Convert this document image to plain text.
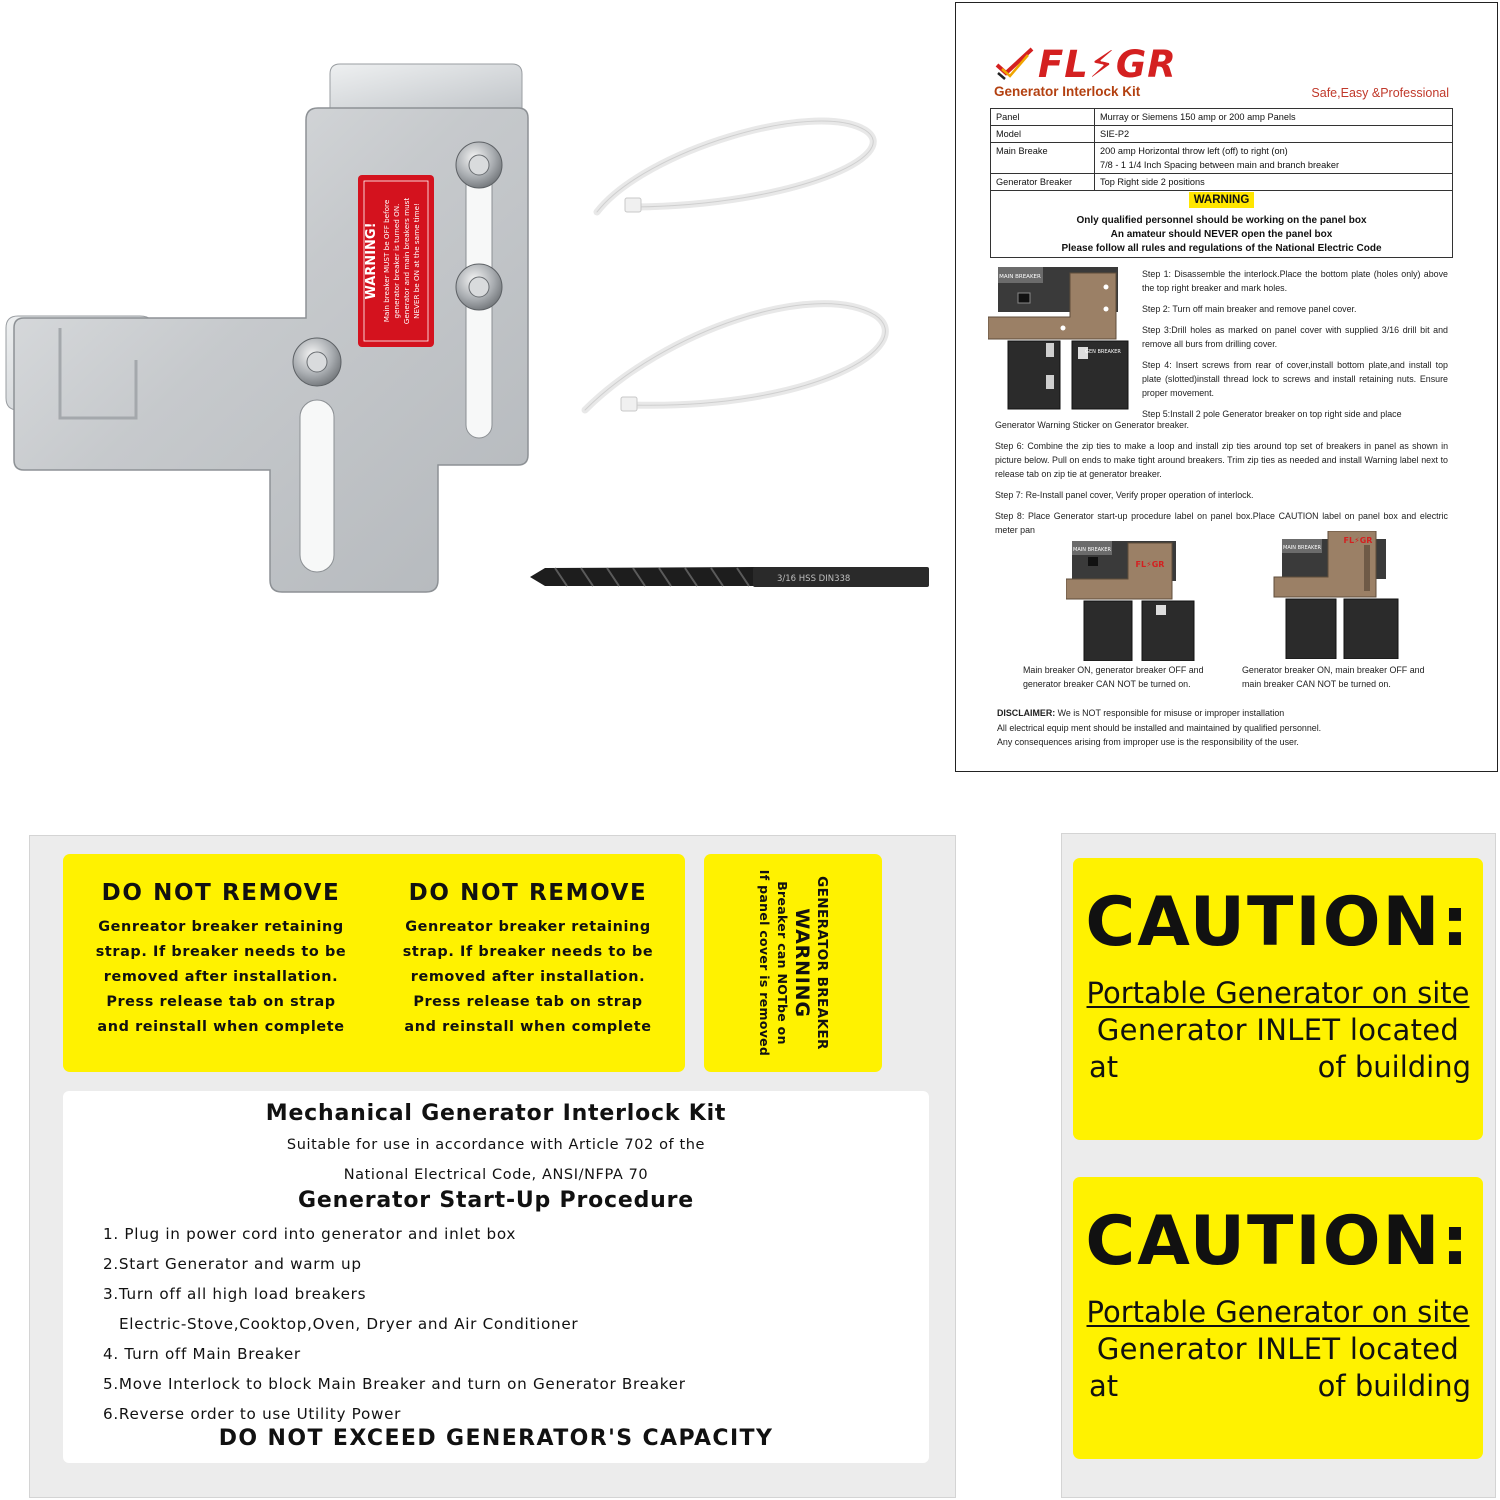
WARNING! Main breaker MUST be OFF before generator breaker is turned ON. Generator and main breakers must NEVER be ON at the same time!
3/16 HSS DIN338
FL⚡GR
Generator Interlock Kit	Safe,Easy &Professional
Panel	Murray or Siemens 150 amp or 200 amp Panels
Model	SIE-P2
Main Breake	200 amp Horizontal throw left (off) to right (on)
7/8 - 1 1/4 Inch Spacing between main and branch breaker

Generator Breaker	Top Right side 2 positions
WARNING
Only qualified personnel should be working on the panel box
An amateur should NEVER open the panel box
Please follow all rules and regulations of the National Electric Code
MAIN BREAKER
GEN BREAKER

Step 1: Disassemble the interlock.Place the bottom plate (holes only) above the top right breaker and mark holes.

Step 2: Turn off main breaker and remove panel cover.

Step 3:Drill holes as marked on panel cover with supplied 3/16 drill bit and remove all burs from drilling cover.

Step 4: Insert screws from rear of cover,install bottom plate,and install top plate (slotted)install thread lock to screws and install retaining nuts. Ensure proper movement.

Step 5:Install 2 pole Generator breaker on top right side and place

Generator Warning Sticker on Generator breaker.

Step 6: Combine the zip ties to make a loop and install zip ties around top set of breakers in panel as shown in picture below. Pull on ends to make tight around breakers. Trim zip ties as needed and install Warning label next to release tab on zip tie at generator breaker.

Step 7: Re-Install panel cover, Verify proper operation of interlock.

Step 8: Place Generator start-up procedure label on panel box.Place CAUTION label on panel box and electric meter pan

MAIN BREAKER
FL⚡GR
MAIN BREAKER
FL⚡GR
Main breaker ON, generator breaker OFF and generator breaker CAN NOT be turned on.
Generator breaker ON, main breaker OFF and main breaker CAN NOT be turned on.
DISCLAIMER: We is NOT responsible for misuse or improper installation
All electrical equip ment should be installed and maintained by qualified personnel.
Any consequences arising from improper use is the responsibility of the user.
DO NOT REMOVE
Genreator breaker retaining
strap. If breaker needs to be
removed after installation.
Press release tab on strap
and reinstall when complete
DO NOT REMOVE
Genreator breaker retaining
strap. If breaker needs to be
removed after installation.
Press release tab on strap
and reinstall when complete	GENERATOR BREAKER
WARNING
Breaker can NOTbe on
If panel cover is removed
Mechanical Generator Interlock Kit
Suitable for use in accordance with Article 702 of the
National Electrical Code, ANSI/NFPA 70
Generator Start-Up Procedure
1. Plug in power cord into generator and inlet box
2.Start Generator and warm up
3.Turn off all high load breakers
Electric-Stove,Cooktop,Oven, Dryer and Air Conditioner
4. Turn off Main Breaker
5.Move Interlock to block Main Breaker and turn on Generator Breaker
6.Reverse order to use Utility Power
DO NOT EXCEED GENERATOR'S CAPACITY
CAUTION:
Portable Generator on site
Generator INLET located
at	of building
CAUTION:
Portable Generator on site
Generator INLET located
at	of building
